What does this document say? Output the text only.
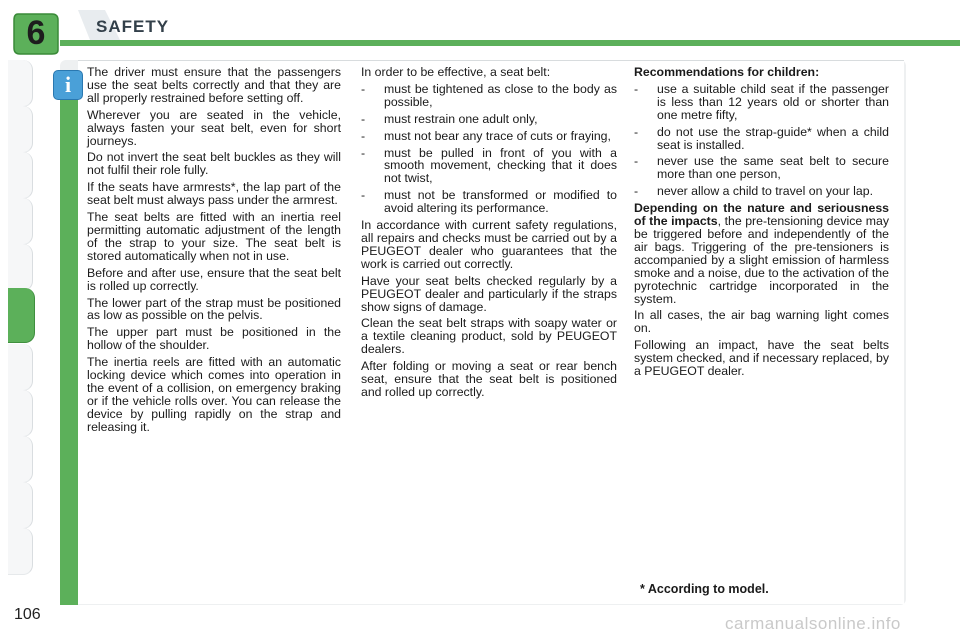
6	SAFETY
i	The driver must ensure that the passengers use the seat belts correctly and that they are all properly restrained before setting off.

Wherever you are seated in the vehicle, always fasten your seat belt, even for short journeys.

Do not invert the seat belt buckles as they will not fulfil their role fully.

If the seats have armrests*, the lap part of the seat belt must always pass under the armrest.

The seat belts are fitted with an inertia reel permitting automatic adjustment of the length of the strap to your size. The seat belt is stored automatically when not in use.

Before and after use, ensure that the seat belt is rolled up correctly.

The lower part of the strap must be positioned as low as possible on the pelvis.

The upper part must be positioned in the hollow of the shoulder.

The inertia reels are fitted with an automatic locking device which comes into operation in the event of a collision, on emergency braking or if the vehicle rolls over. You can release the device by pulling rapidly on the strap and releasing it.

In order to be effective, a seat belt:

- must be tightened as close to the body as possible,
- must restrain one adult only,
- must not bear any trace of cuts or fraying,
- must be pulled in front of you with a smooth movement, checking that it does not twist,
- must not be transformed or modified to avoid altering its performance.

In accordance with current safety regulations, all repairs and checks must be carried out by a PEUGEOT dealer who guarantees that the work is carried out correctly.

Have your seat belts checked regularly by a PEUGEOT dealer and particularly if the straps show signs of damage.

Clean the seat belt straps with soapy water or a textile cleaning product, sold by PEUGEOT dealers.

After folding or moving a seat or rear bench seat, ensure that the seat belt is positioned and rolled up correctly.

Recommendations for children:

- use a suitable child seat if the passenger is less than 12 years old or shorter than one metre fifty,
- do not use the strap-guide* when a child seat is installed.
- never use the same seat belt to secure more than one person,
- never allow a child to travel on your lap.

Depending on the nature and seriousness of the impacts, the pre-tensioning device may be triggered before and independently of the air bags. Triggering of the pre-tensioners is accompanied by a slight emission of harmless smoke and a noise, due to the activation of the pyrotechnic cartridge incorporated in the system.

In all cases, the air bag warning light comes on.

Following an impact, have the seat belts system checked, and if necessary replaced, by a PEUGEOT dealer.

* According to model.
106	carmanualsonline.info
